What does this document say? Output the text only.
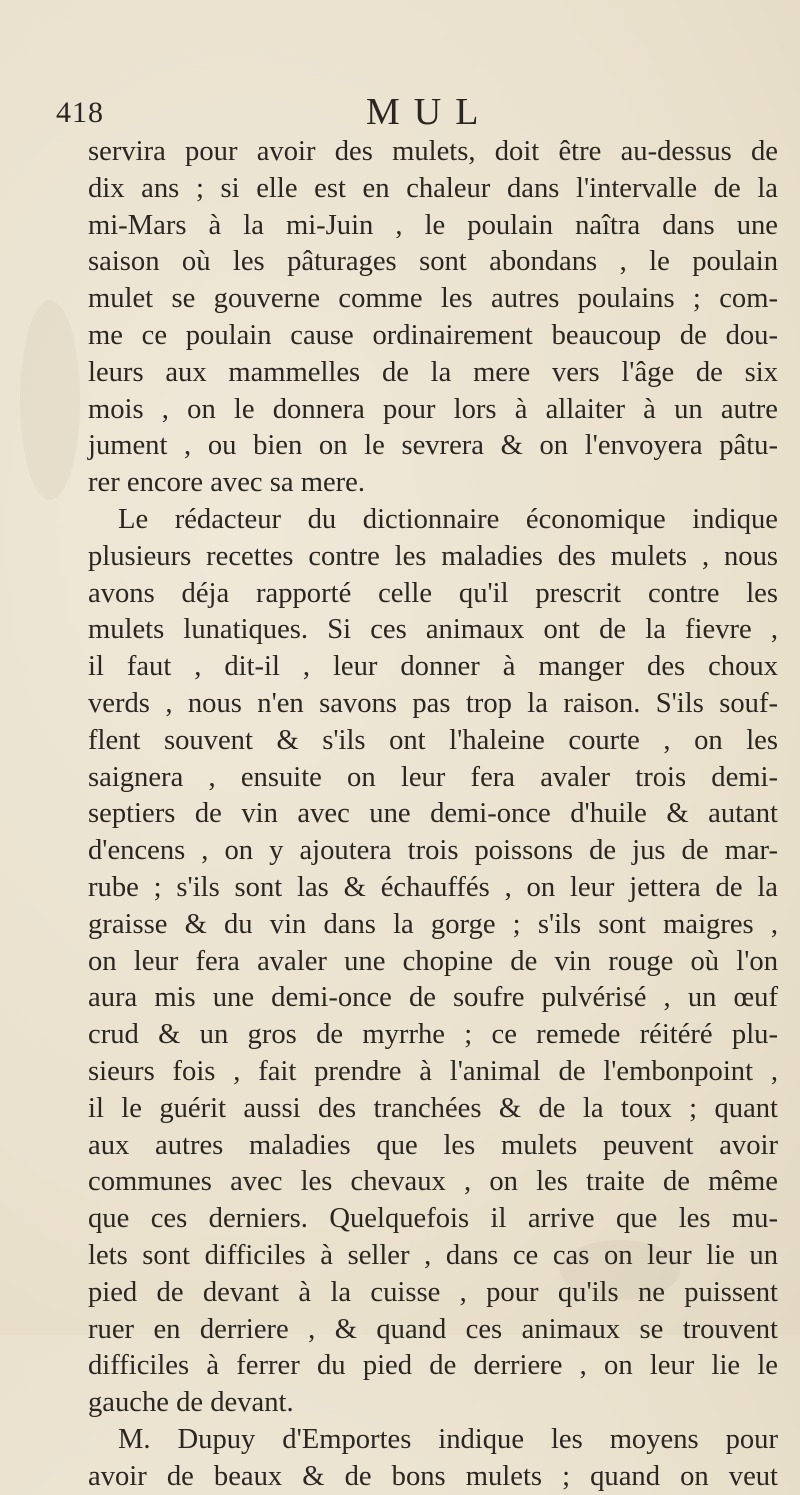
418	MUL
servira pour avoir des mulets, doit être au-dessus de
dix ans ; si elle est en chaleur dans l'intervalle de la
mi-Mars à la mi-Juin , le poulain naîtra dans une
saison où les pâturages sont abondans , le poulain
mulet se gouverne comme les autres poulains ; com-
me ce poulain cause ordinairement beaucoup de dou-
leurs aux mammelles de la mere vers l'âge de six
mois , on le donnera pour lors à allaiter à un autre
jument , ou bien on le sevrera & on l'envoyera pâtu-
rer encore avec sa mere.
Le rédacteur du dictionnaire économique indique
plusieurs recettes contre les maladies des mulets , nous
avons déja rapporté celle qu'il prescrit contre les
mulets lunatiques. Si ces animaux ont de la fievre ,
il faut , dit-il , leur donner à manger des choux
verds , nous n'en savons pas trop la raison. S'ils souf-
flent souvent & s'ils ont l'haleine courte , on les
saignera , ensuite on leur fera avaler trois demi-
septiers de vin avec une demi-once d'huile & autant
d'encens , on y ajoutera trois poissons de jus de mar-
rube ; s'ils sont las & échauffés , on leur jettera de la
graisse & du vin dans la gorge ; s'ils sont maigres ,
on leur fera avaler une chopine de vin rouge où l'on
aura mis une demi-once de soufre pulvérisé , un œuf
crud & un gros de myrrhe ; ce remede réitéré plu-
sieurs fois , fait prendre à l'animal de l'embonpoint ,
il le guérit aussi des tranchées & de la toux ; quant
aux autres maladies que les mulets peuvent avoir
communes avec les chevaux , on les traite de même
que ces derniers. Quelquefois il arrive que les mu-
lets sont difficiles à seller , dans ce cas on leur lie un
pied de devant à la cuisse , pour qu'ils ne puissent
ruer en derriere , & quand ces animaux se trouvent
difficiles à ferrer du pied de derriere , on leur lie le
gauche de devant.
M. Dupuy d'Emportes indique les moyens pour
avoir de beaux & de bons mulets ; quand on veut
